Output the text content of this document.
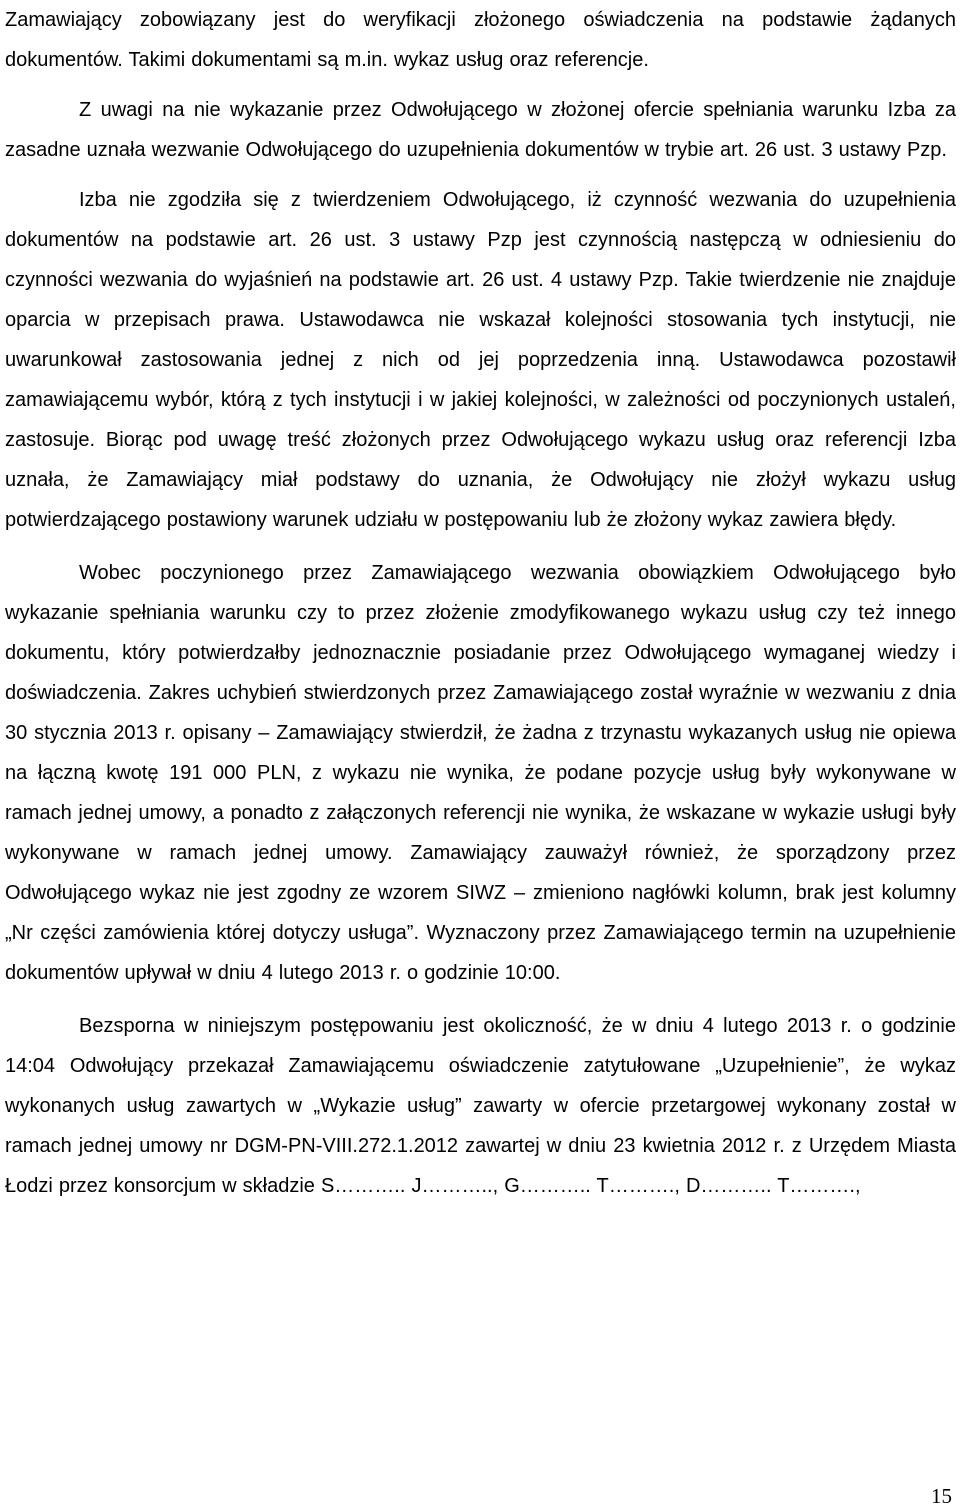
Zamawiający zobowiązany jest do weryfikacji złożonego oświadczenia na podstawie żądanych dokumentów. Takimi dokumentami są m.in. wykaz usług oraz referencje.

Z uwagi na nie wykazanie przez Odwołującego w złożonej ofercie spełniania warunku Izba za zasadne uznała wezwanie Odwołującego do uzupełnienia dokumentów w trybie art. 26 ust. 3 ustawy Pzp.

Izba nie zgodziła się z twierdzeniem Odwołującego, iż czynność wezwania do uzupełnienia dokumentów na podstawie art. 26 ust. 3 ustawy Pzp jest czynnością następczą w odniesieniu do czynności wezwania do wyjaśnień na podstawie art. 26 ust. 4 ustawy Pzp. Takie twierdzenie nie znajduje oparcia w przepisach prawa. Ustawodawca nie wskazał kolejności stosowania tych instytucji, nie uwarunkował zastosowania jednej z nich od jej poprzedzenia inną. Ustawodawca pozostawił zamawiającemu wybór, którą z tych instytucji i w jakiej kolejności, w zależności od poczynionych ustaleń, zastosuje. Biorąc pod uwagę treść złożonych przez Odwołującego wykazu usług oraz referencji Izba uznała, że Zamawiający miał podstawy do uznania, że Odwołujący nie złożył wykazu usług potwierdzającego postawiony warunek udziału w postępowaniu lub że złożony wykaz zawiera błędy.

Wobec poczynionego przez Zamawiającego wezwania obowiązkiem Odwołującego było wykazanie spełniania warunku czy to przez złożenie zmodyfikowanego wykazu usług czy też innego dokumentu, który potwierdzałby jednoznacznie posiadanie przez Odwołującego wymaganej wiedzy i doświadczenia. Zakres uchybień stwierdzonych przez Zamawiającego został wyraźnie w wezwaniu z dnia 30 stycznia 2013 r. opisany – Zamawiający stwierdził, że żadna z trzynastu wykazanych usług nie opiewa na łączną kwotę 191 000 PLN, z wykazu nie wynika, że podane pozycje usług były wykonywane w ramach jednej umowy, a ponadto z załączonych referencji nie wynika, że wskazane w wykazie usługi były wykonywane w ramach jednej umowy. Zamawiający zauważył również, że sporządzony przez Odwołującego wykaz nie jest zgodny ze wzorem SIWZ – zmieniono nagłówki kolumn, brak jest kolumny „Nr części zamówienia której dotyczy usługa”. Wyznaczony przez Zamawiającego termin na uzupełnienie dokumentów upływał w dniu 4 lutego 2013 r. o godzinie 10:00.

Bezsporna w niniejszym postępowaniu jest okoliczność, że w dniu 4 lutego 2013 r. o godzinie 14:04 Odwołujący przekazał Zamawiającemu oświadczenie zatytułowane „Uzupełnienie”, że wykaz wykonanych usług zawartych w „Wykazie usług” zawarty w ofercie przetargowej wykonany został w ramach jednej umowy nr DGM-PN-VIII.272.1.2012 zawartej w dniu 23 kwietnia 2012 r. z Urzędem Miasta Łodzi przez konsorcjum w składzie S……….. J……….., G……….. T………., D……….. T……….,

15
